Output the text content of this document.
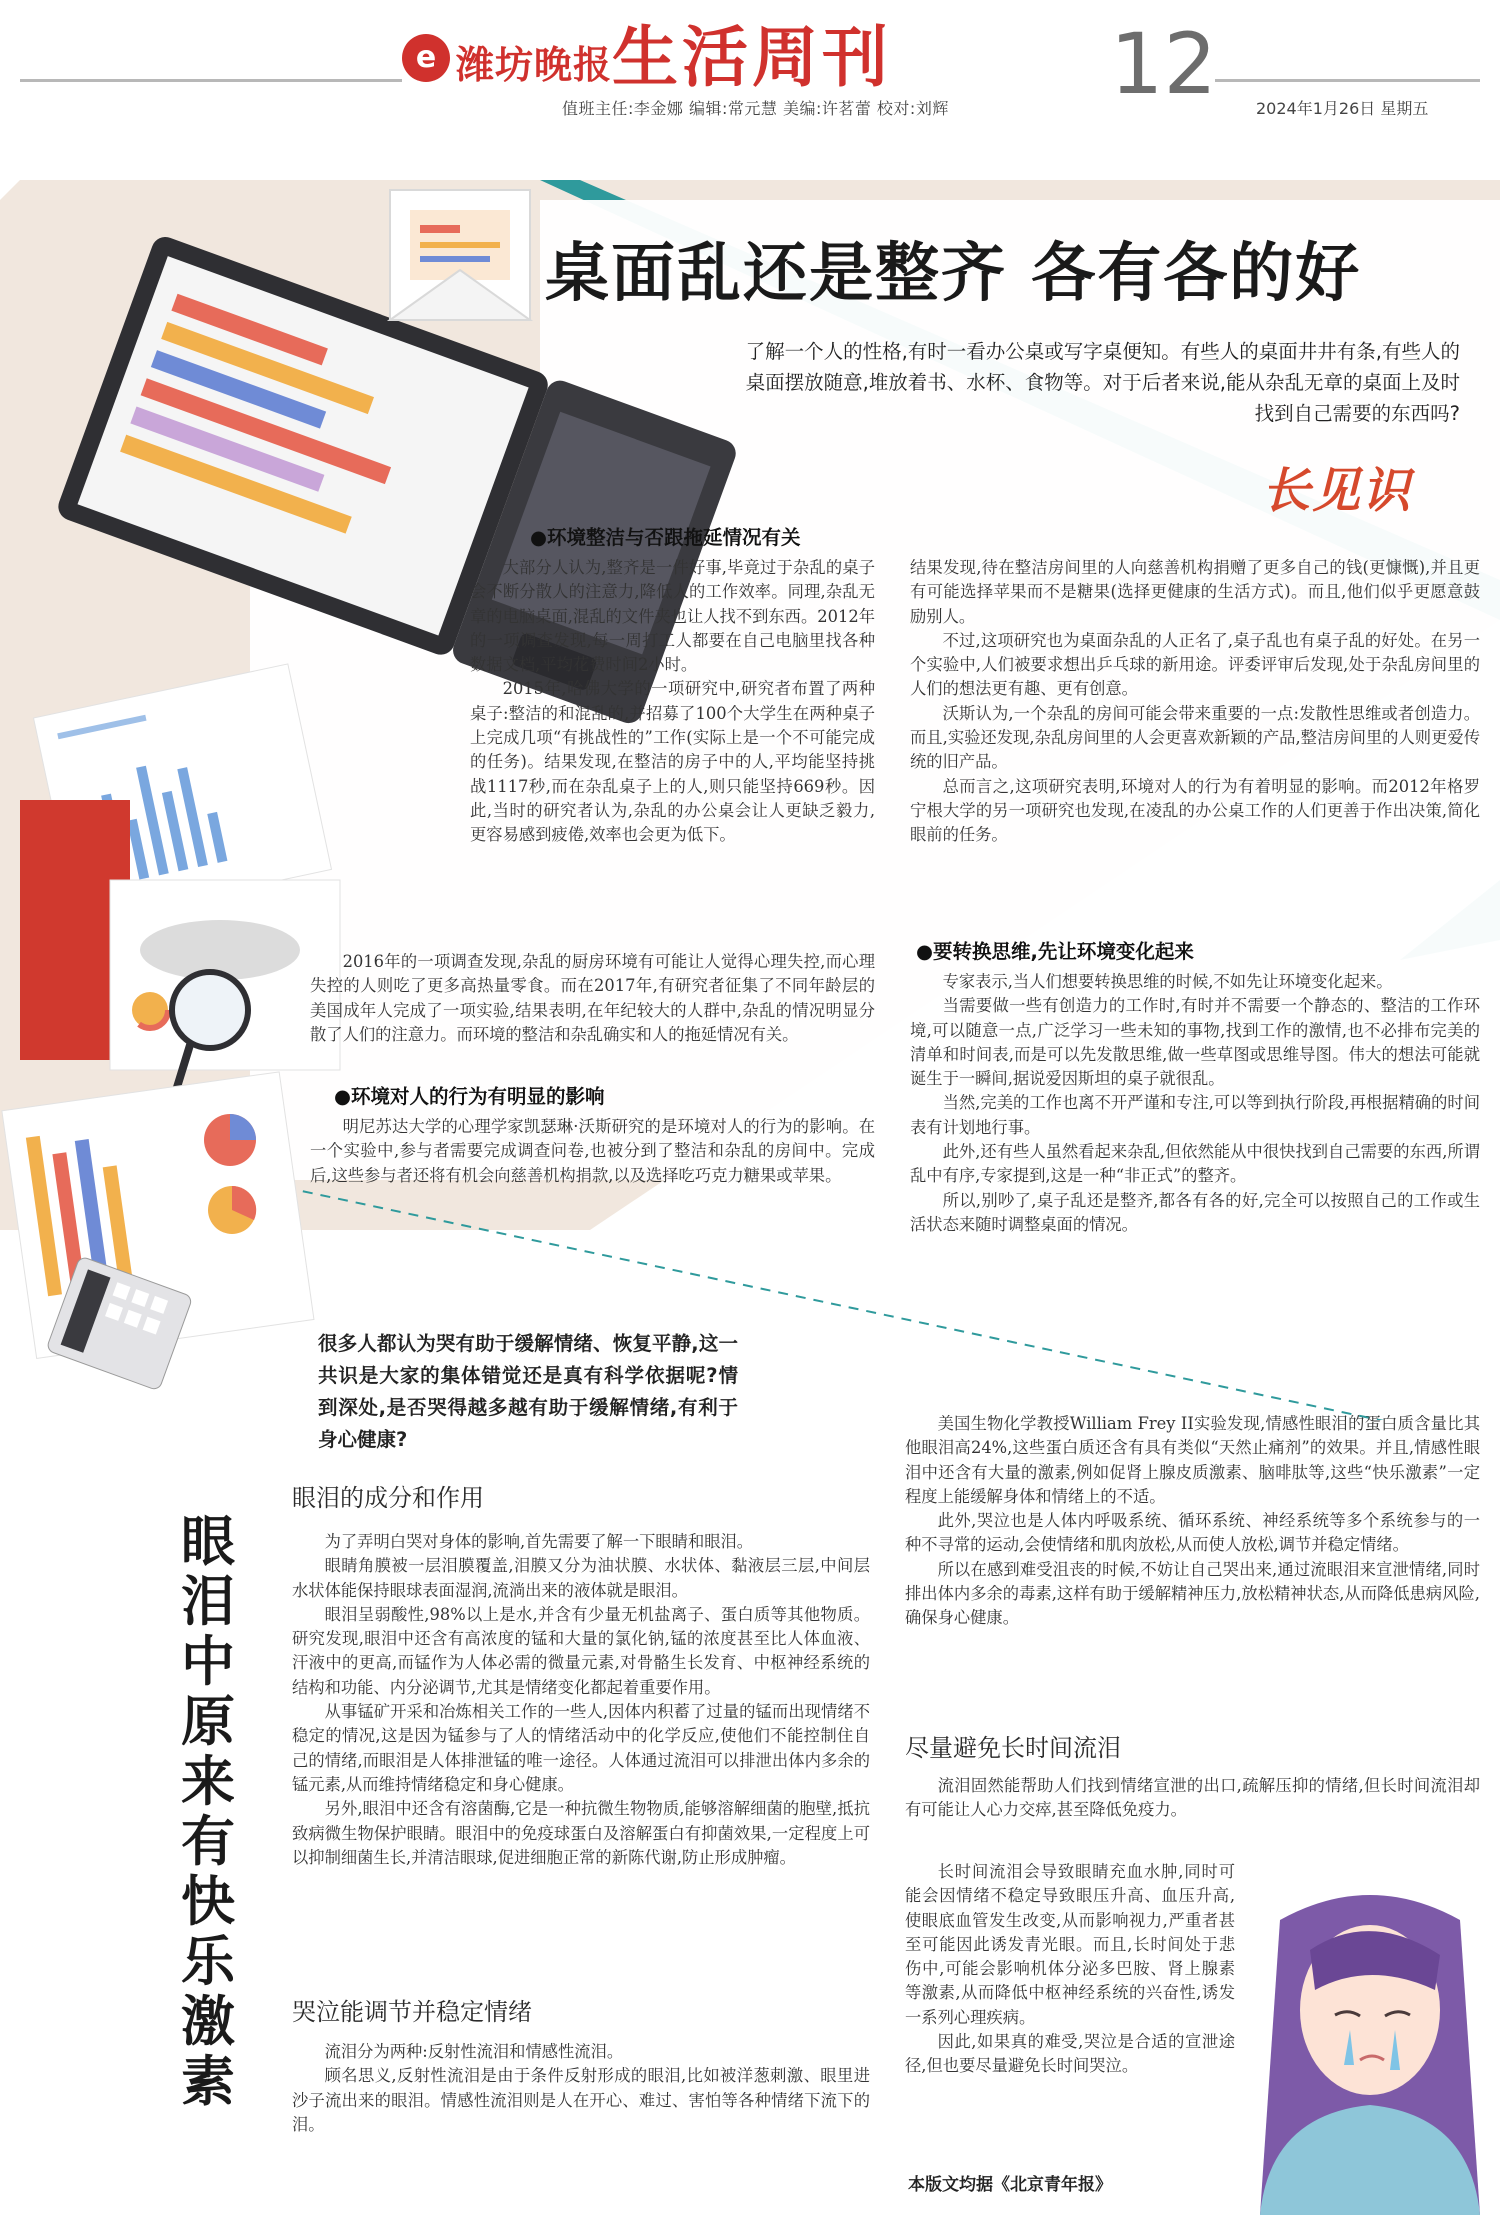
e 潍坊晚报 生活周刊	12
值班主任:李金娜 编辑:常元慧 美编:许茗蕾 校对:刘辉	2024年1月26日 星期五
桌面乱还是整齐 各有各的好
了解一个人的性格,有时一看办公桌或写字桌便知。有些人的桌面井井有条,有些人的桌面摆放随意,堆放着书、水杯、食物等。对于后者来说,能从杂乱无章的桌面上及时找到自己需要的东西吗?
长见识
●环境整洁与否跟拖延情况有关

大部分人认为,整齐是一件好事,毕竟过于杂乱的桌子会不断分散人的注意力,降低人的工作效率。同理,杂乱无章的电脑桌面,混乱的文件夹也让人找不到东西。2012年的一项调查发现,每一周打工人都要在自己电脑里找各种数据文档,平均花费时间2小时。

2015年,哈佛大学的一项研究中,研究者布置了两种桌子:整洁的和混乱的,并招募了100个大学生在两种桌子上完成几项“有挑战性的”工作(实际上是一个不可能完成的任务)。结果发现,在整洁的房子中的人,平均能坚持挑战1117秒,而在杂乱桌子上的人,则只能坚持669秒。因此,当时的研究者认为,杂乱的办公桌会让人更缺乏毅力,更容易感到疲倦,效率也会更为低下。

2016年的一项调查发现,杂乱的厨房环境有可能让人觉得心理失控,而心理失控的人则吃了更多高热量零食。而在2017年,有研究者征集了不同年龄层的美国成年人完成了一项实验,结果表明,在年纪较大的人群中,杂乱的情况明显分散了人们的注意力。而环境的整洁和杂乱确实和人的拖延情况有关。

●环境对人的行为有明显的影响

明尼苏达大学的心理学家凯瑟琳·沃斯研究的是环境对人的行为的影响。在一个实验中,参与者需要完成调查问卷,也被分到了整洁和杂乱的房间中。完成后,这些参与者还将有机会向慈善机构捐款,以及选择吃巧克力糖果或苹果。

结果发现,待在整洁房间里的人向慈善机构捐赠了更多自己的钱(更慷慨),并且更有可能选择苹果而不是糖果(选择更健康的生活方式)。而且,他们似乎更愿意鼓励别人。

不过,这项研究也为桌面杂乱的人正名了,桌子乱也有桌子乱的好处。在另一个实验中,人们被要求想出乒乓球的新用途。评委评审后发现,处于杂乱房间里的人们的想法更有趣、更有创意。

沃斯认为,一个杂乱的房间可能会带来重要的一点:发散性思维或者创造力。而且,实验还发现,杂乱房间里的人会更喜欢新颖的产品,整洁房间里的人则更爱传统的旧产品。

总而言之,这项研究表明,环境对人的行为有着明显的影响。而2012年格罗宁根大学的另一项研究也发现,在凌乱的办公桌工作的人们更善于作出决策,简化眼前的任务。

●要转换思维,先让环境变化起来

专家表示,当人们想要转换思维的时候,不如先让环境变化起来。

当需要做一些有创造力的工作时,有时并不需要一个静态的、整洁的工作环境,可以随意一点,广泛学习一些未知的事物,找到工作的激情,也不必排布完美的清单和时间表,而是可以先发散思维,做一些草图或思维导图。伟大的想法可能就诞生于一瞬间,据说爱因斯坦的桌子就很乱。

当然,完美的工作也离不开严谨和专注,可以等到执行阶段,再根据精确的时间表有计划地行事。

此外,还有些人虽然看起来杂乱,但依然能从中很快找到自己需要的东西,所谓乱中有序,专家提到,这是一种“非正式”的整齐。

所以,别吵了,桌子乱还是整齐,都各有各的好,完全可以按照自己的工作或生活状态来随时调整桌面的情况。

很多人都认为哭有助于缓解情绪、恢复平静,这一共识是大家的集体错觉还是真有科学依据呢?情到深处,是否哭得越多越有助于缓解情绪,有利于身心健康?
眼泪中原来有快乐激素
眼泪的成分和作用

为了弄明白哭对身体的影响,首先需要了解一下眼睛和眼泪。

眼睛角膜被一层泪膜覆盖,泪膜又分为油状膜、水状体、黏液层三层,中间层水状体能保持眼球表面湿润,流淌出来的液体就是眼泪。

眼泪呈弱酸性,98%以上是水,并含有少量无机盐离子、蛋白质等其他物质。研究发现,眼泪中还含有高浓度的锰和大量的氯化钠,锰的浓度甚至比人体血液、汗液中的更高,而锰作为人体必需的微量元素,对骨骼生长发育、中枢神经系统的结构和功能、内分泌调节,尤其是情绪变化都起着重要作用。

从事锰矿开采和冶炼相关工作的一些人,因体内积蓄了过量的锰而出现情绪不稳定的情况,这是因为锰参与了人的情绪活动中的化学反应,使他们不能控制住自己的情绪,而眼泪是人体排泄锰的唯一途径。人体通过流泪可以排泄出体内多余的锰元素,从而维持情绪稳定和身心健康。

另外,眼泪中还含有溶菌酶,它是一种抗微生物物质,能够溶解细菌的胞壁,抵抗致病微生物保护眼睛。眼泪中的免疫球蛋白及溶解蛋白有抑菌效果,一定程度上可以抑制细菌生长,并清洁眼球,促进细胞正常的新陈代谢,防止形成肿瘤。

哭泣能调节并稳定情绪

流泪分为两种:反射性流泪和情感性流泪。

顾名思义,反射性流泪是由于条件反射形成的眼泪,比如被洋葱刺激、眼里进沙子流出来的眼泪。情感性流泪则是人在开心、难过、害怕等各种情绪下流下的泪。

美国生物化学教授William Frey II实验发现,情感性眼泪的蛋白质含量比其他眼泪高24%,这些蛋白质还含有具有类似“天然止痛剂”的效果。并且,情感性眼泪中还含有大量的激素,例如促肾上腺皮质激素、脑啡肽等,这些“快乐激素”一定程度上能缓解身体和情绪上的不适。

此外,哭泣也是人体内呼吸系统、循环系统、神经系统等多个系统参与的一种不寻常的运动,会使情绪和肌肉放松,从而使人放松,调节并稳定情绪。

所以在感到难受沮丧的时候,不妨让自己哭出来,通过流眼泪来宣泄情绪,同时排出体内多余的毒素,这样有助于缓解精神压力,放松精神状态,从而降低患病风险,确保身心健康。

尽量避免长时间流泪

流泪固然能帮助人们找到情绪宣泄的出口,疏解压抑的情绪,但长时间流泪却有可能让人心力交瘁,甚至降低免疫力。

长时间流泪会导致眼睛充血水肿,同时可能会因情绪不稳定导致眼压升高、血压升高,使眼底血管发生改变,从而影响视力,严重者甚至可能因此诱发青光眼。而且,长时间处于悲伤中,可能会影响机体分泌多巴胺、肾上腺素等激素,从而降低中枢神经系统的兴奋性,诱发一系列心理疾病。

因此,如果真的难受,哭泣是合适的宣泄途径,但也要尽量避免长时间哭泣。

本版文均据《北京青年报》
